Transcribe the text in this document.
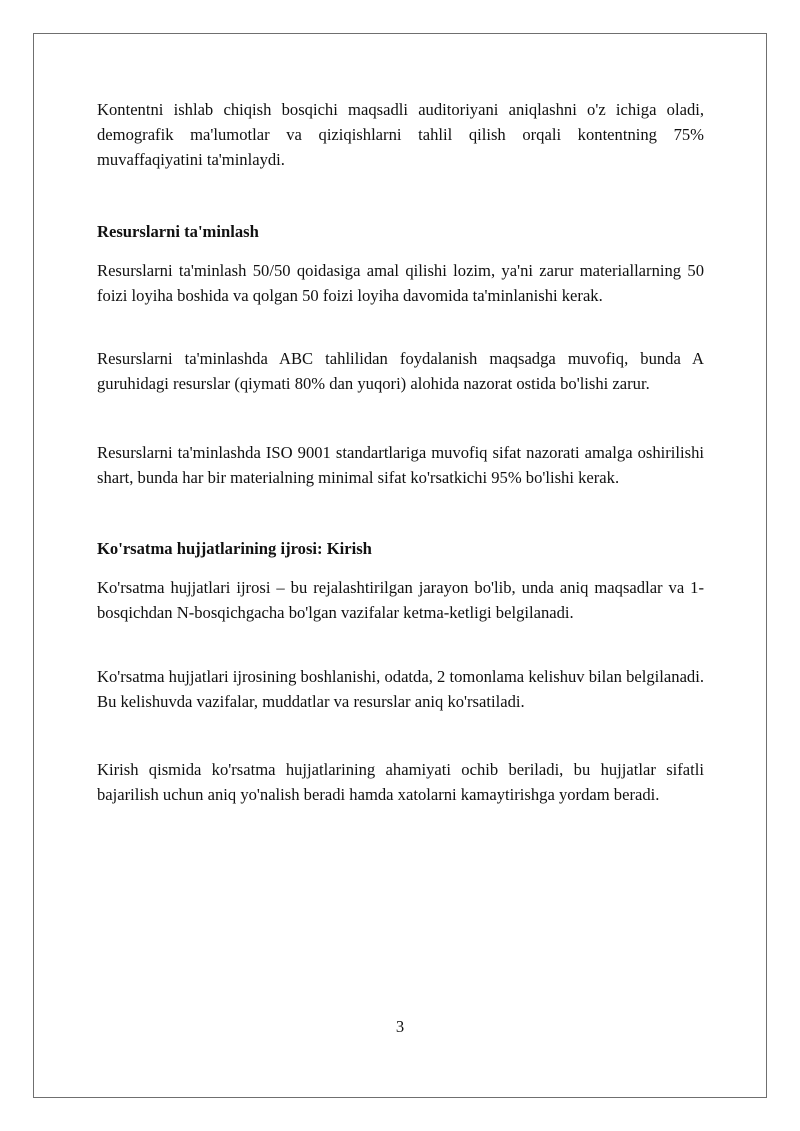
Kontentni ishlab chiqish bosqichi maqsadli auditoriyani aniqlashni o'z ichiga oladi, demografik ma'lumotlar va qiziqishlarni tahlil qilish orqali kontentning 75% muvaffaqiyatini ta'minlaydi.

Resurslarni ta'minlash

Resurslarni ta'minlash 50/50 qoidasiga amal qilishi lozim, ya'ni zarur materiallarning 50 foizi loyiha boshida va qolgan 50 foizi loyiha davomida ta'minlanishi kerak.

Resurslarni ta'minlashda ABC tahlilidan foydalanish maqsadga muvofiq, bunda A guruhidagi resurslar (qiymati 80% dan yuqori) alohida nazorat ostida bo'lishi zarur.

Resurslarni ta'minlashda ISO 9001 standartlariga muvofiq sifat nazorati amalga oshirilishi shart, bunda har bir materialning minimal sifat ko'rsatkichi 95% bo'lishi kerak.

Ko'rsatma hujjatlarining ijrosi: Kirish

Ko'rsatma hujjatlari ijrosi – bu rejalashtirilgan jarayon bo'lib, unda aniq maqsadlar va 1-bosqichdan N-bosqichgacha bo'lgan vazifalar ketma-ketligi belgilanadi.

Ko'rsatma hujjatlari ijrosining boshlanishi, odatda, 2 tomonlama kelishuv bilan belgilanadi. Bu kelishuvda vazifalar, muddatlar va resurslar aniq ko'rsatiladi.

Kirish qismida ko'rsatma hujjatlarining ahamiyati ochib beriladi, bu hujjatlar sifatli bajarilish uchun aniq yo'nalish beradi hamda xatolarni kamaytirishga yordam beradi.

3
